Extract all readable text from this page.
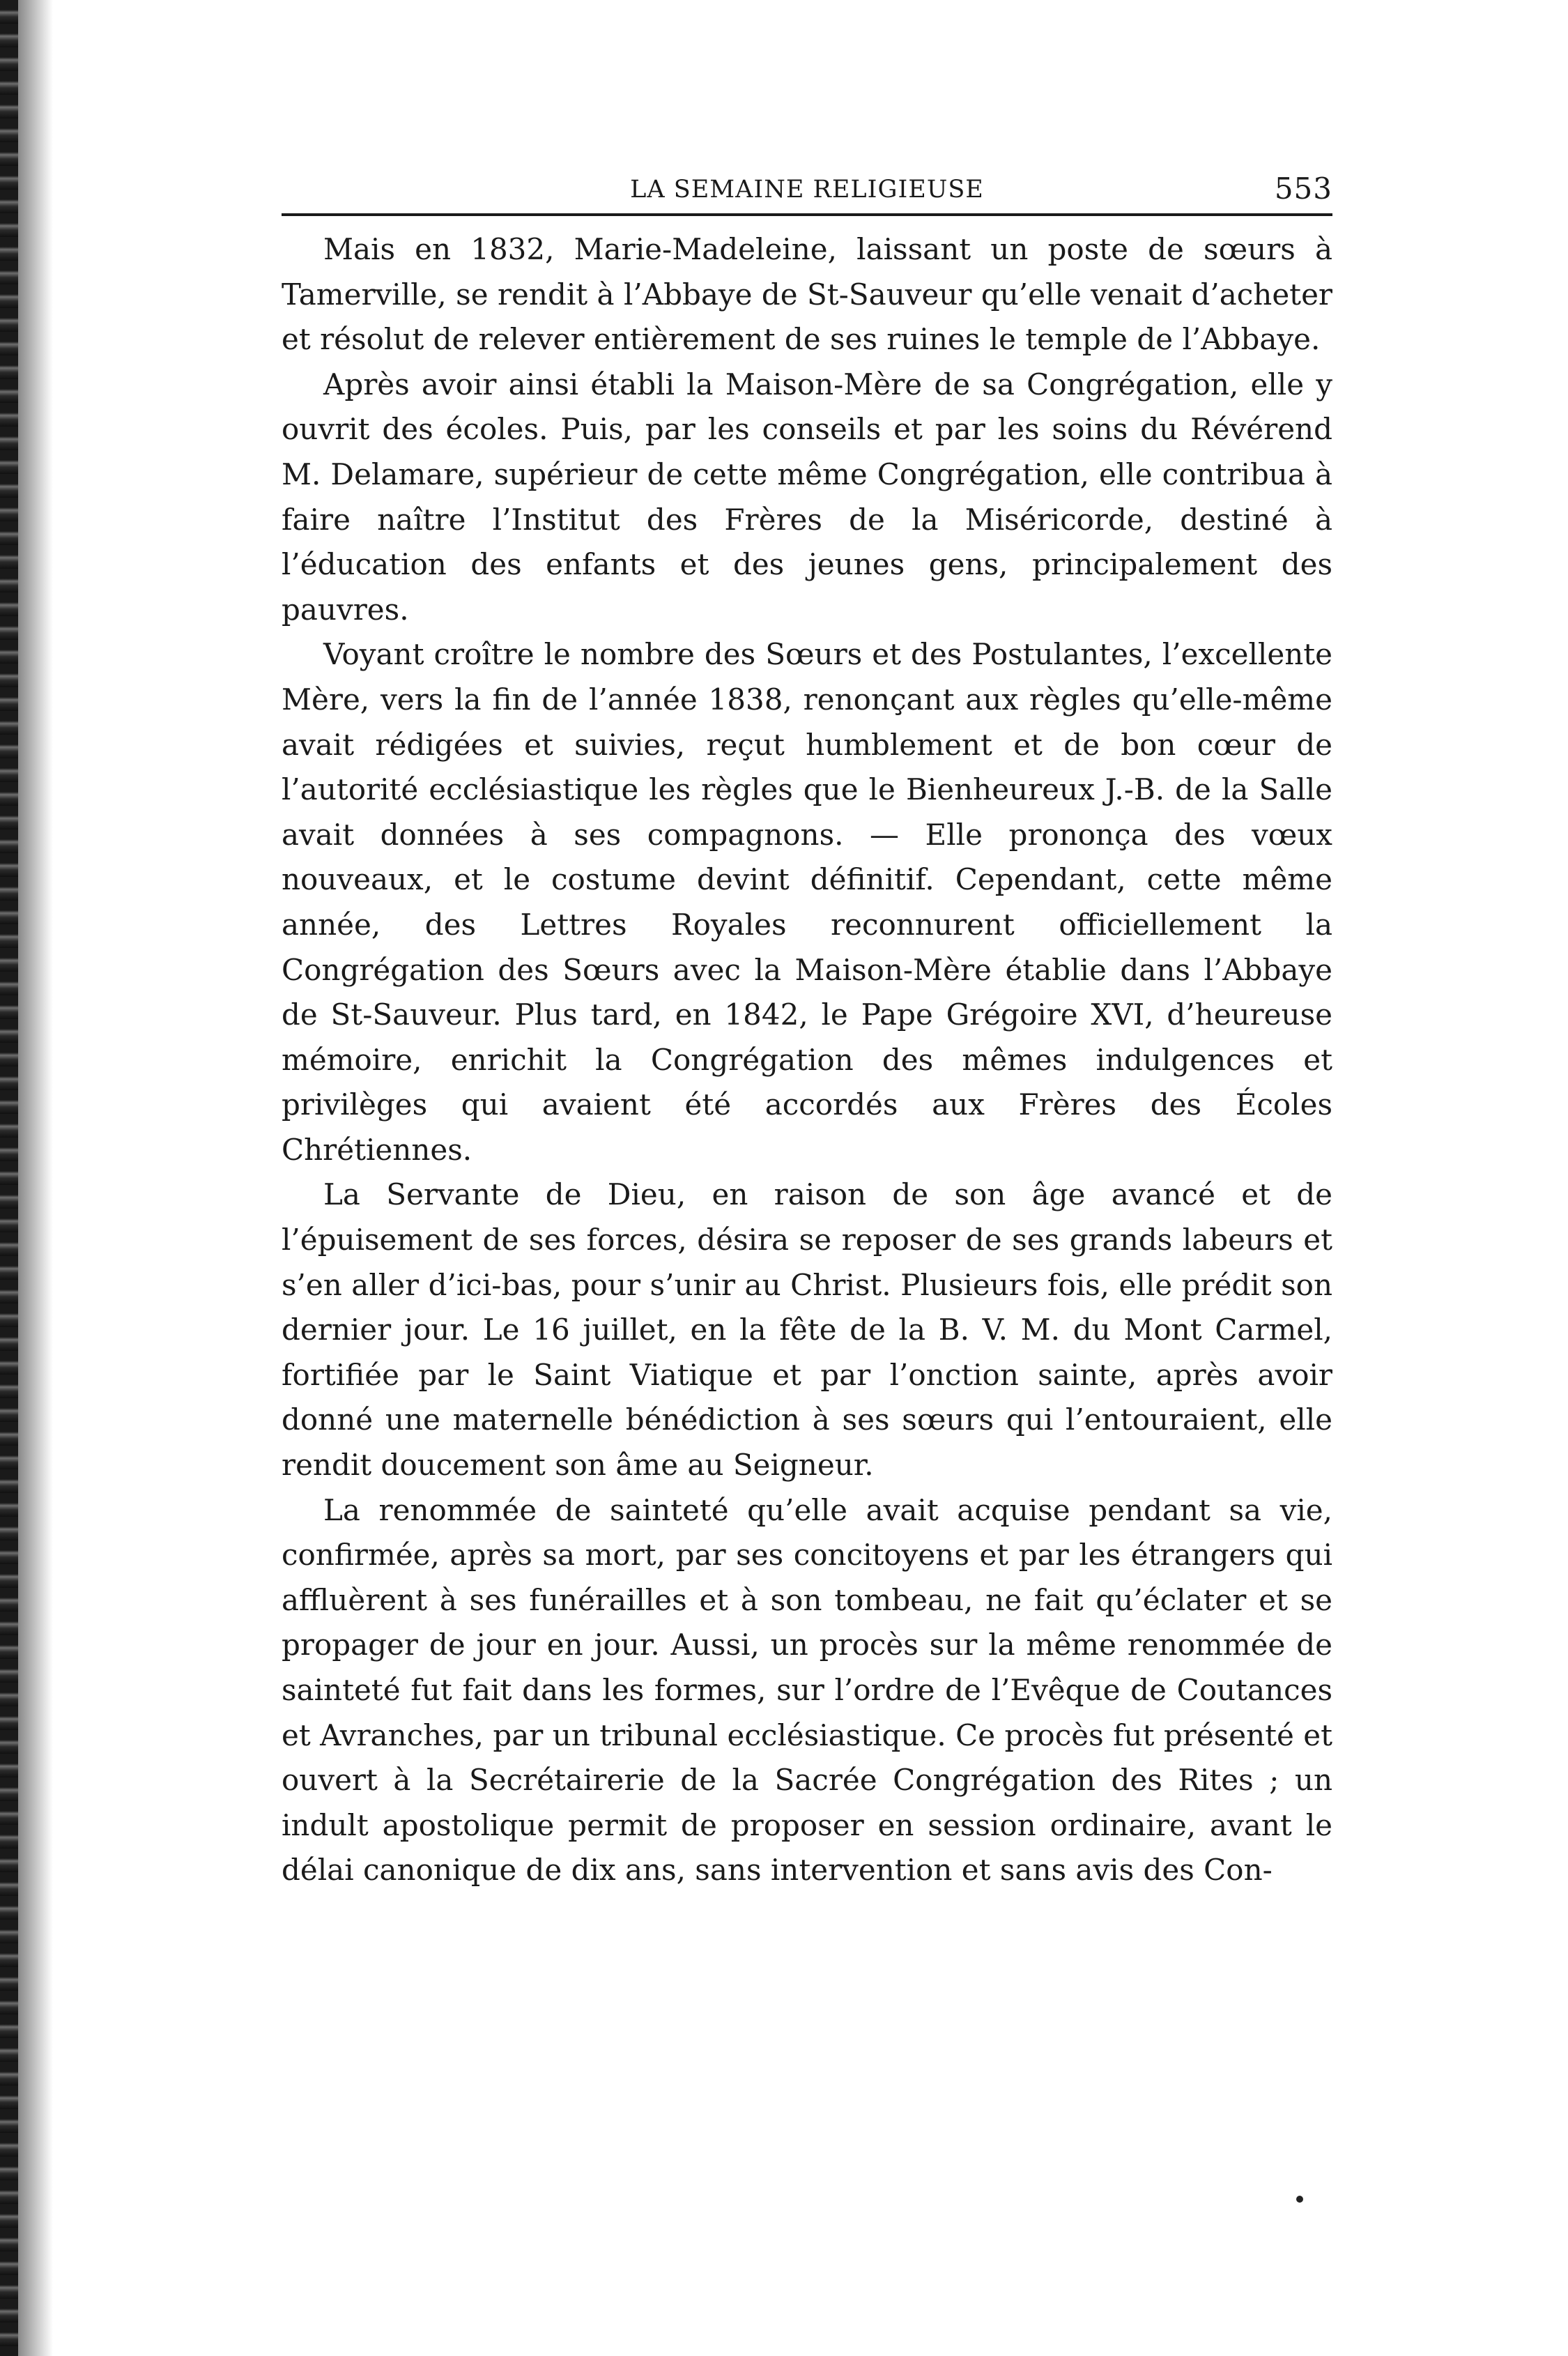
LA SEMAINE RELIGIEUSE	553

Mais en 1832, Marie-Madeleine, laissant un poste de sœurs à Tamerville, se rendit à l’Abbaye de St-Sauveur qu’elle venait d’acheter et résolut de relever entièrement de ses ruines le temple de l’Abbaye.

Après avoir ainsi établi la Maison-Mère de sa Congrégation, elle y ouvrit des écoles. Puis, par les conseils et par les soins du Révérend M. Delamare, supérieur de cette même Congrégation, elle contribua à faire naître l’Institut des Frères de la Miséricorde, destiné à l’éducation des enfants et des jeunes gens, principalement des pauvres.

Voyant croître le nombre des Sœurs et des Postulantes, l’excellente Mère, vers la fin de l’année 1838, renonçant aux règles qu’elle-même avait rédigées et suivies, reçut humblement et de bon cœur de l’autorité ecclésiastique les règles que le Bienheureux J.-B. de la Salle avait données à ses compagnons. — Elle prononça des vœux nouveaux, et le costume devint définitif. Cependant, cette même année, des Lettres Royales reconnurent officiellement la Congrégation des Sœurs avec la Maison-Mère établie dans l’Abbaye de St-Sauveur. Plus tard, en 1842, le Pape Grégoire XVI, d’heureuse mémoire, enrichit la Congrégation des mêmes indulgences et privilèges qui avaient été accordés aux Frères des Écoles Chrétiennes.

La Servante de Dieu, en raison de son âge avancé et de l’épuisement de ses forces, désira se reposer de ses grands labeurs et s’en aller d’ici-bas, pour s’unir au Christ. Plusieurs fois, elle prédit son dernier jour. Le 16 juillet, en la fête de la B. V. M. du Mont Carmel, fortifiée par le Saint Viatique et par l’onction sainte, après avoir donné une maternelle bénédiction à ses sœurs qui l’entouraient, elle rendit doucement son âme au Seigneur.

La renommée de sainteté qu’elle avait acquise pendant sa vie, confirmée, après sa mort, par ses concitoyens et par les étrangers qui affluèrent à ses funérailles et à son tombeau, ne fait qu’éclater et se propager de jour en jour. Aussi, un procès sur la même renommée de sainteté fut fait dans les formes, sur l’ordre de l’Evêque de Coutances et Avranches, par un tribunal ecclésiastique. Ce procès fut présenté et ouvert à la Secrétairerie de la Sacrée Congrégation des Rites ; un indult apostolique permit de proposer en session ordinaire, avant le délai canonique de dix ans, sans intervention et sans avis des Con-
